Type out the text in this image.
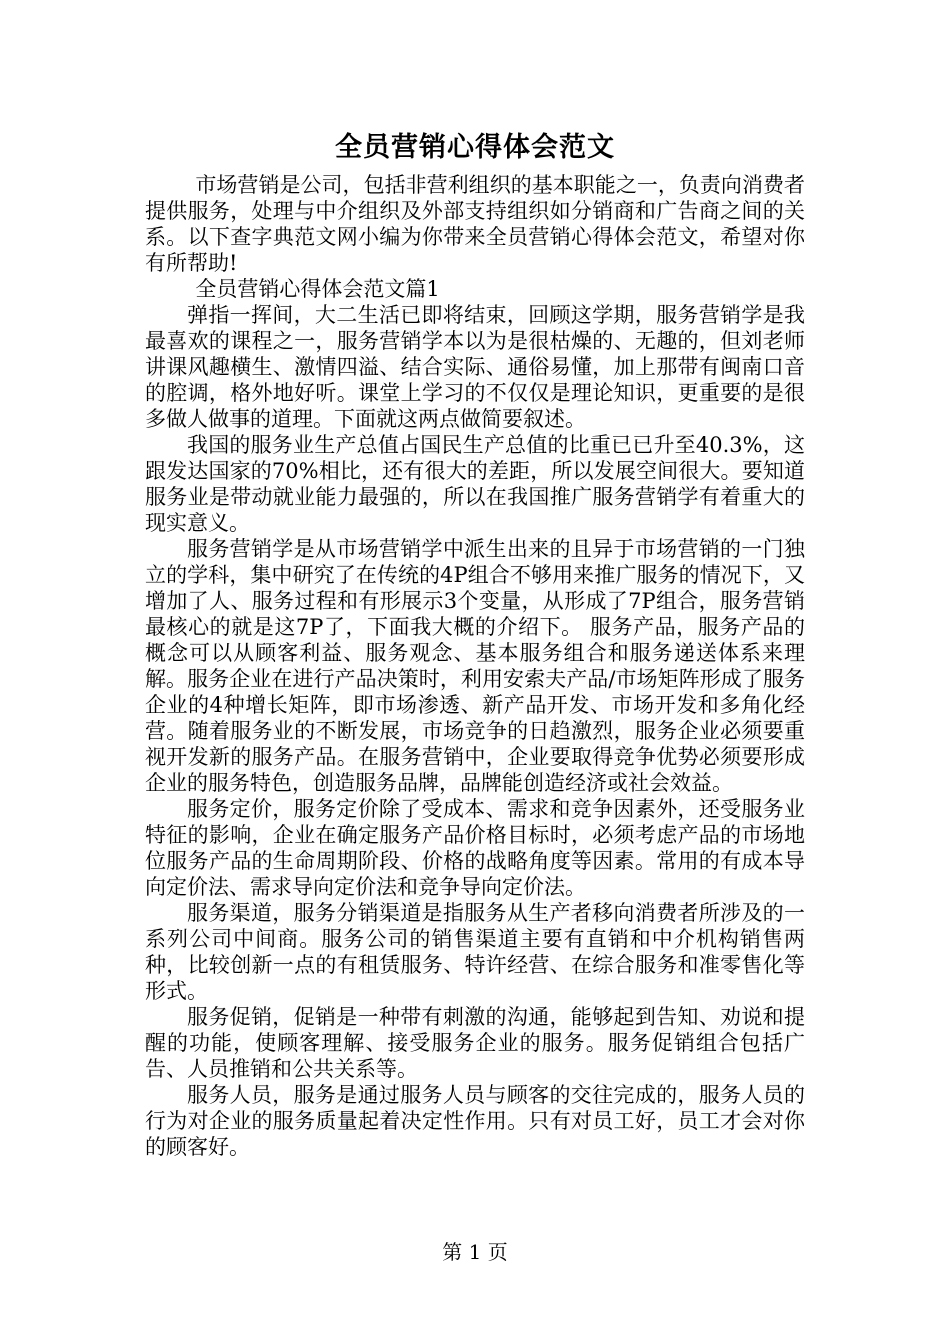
全员营销心得体会范文

市场营销是公司，包括非营利组织的基本职能之一，负责向消费者提供服务，处理与中介组织及外部支持组织如分销商和广告商之间的关系。以下查字典范文网小编为你带来全员营销心得体会范文，希望对你有所帮助!

全员营销心得体会范文篇1

弹指一挥间，大二生活已即将结束，回顾这学期，服务营销学是我最喜欢的课程之一，服务营销学本以为是很枯燥的、无趣的，但刘老师讲课风趣横生、激情四溢、结合实际、通俗易懂，加上那带有闽南口音的腔调，格外地好听。课堂上学习的不仅仅是理论知识，更重要的是很多做人做事的道理。下面就这两点做简要叙述。

我国的服务业生产总值占国民生产总值的比重已已升至40.3%，这跟发达国家的70%相比，还有很大的差距，所以发展空间很大。要知道服务业是带动就业能力最强的，所以在我国推广服务营销学有着重大的现实意义。

服务营销学是从市场营销学中派生出来的且异于市场营销的一门独立的学科，集中研究了在传统的4P组合不够用来推广服务的情况下，又增加了人、服务过程和有形展示3个变量，从形成了7P组合，服务营销最核心的就是这7P了，下面我大概的介绍下。 服务产品，服务产品的概念可以从顾客利益、服务观念、基本服务组合和服务递送体系来理解。服务企业在进行产品决策时，利用安索夫产品/市场矩阵形成了服务企业的4种增长矩阵，即市场渗透、新产品开发、市场开发和多角化经营。随着服务业的不断发展，市场竞争的日趋激烈，服务企业必须要重视开发新的服务产品。在服务营销中，企业要取得竞争优势必须要形成企业的服务特色，创造服务品牌，品牌能创造经济或社会效益。

服务定价，服务定价除了受成本、需求和竞争因素外，还受服务业特征的影响，企业在确定服务产品价格目标时，必须考虑产品的市场地位服务产品的生命周期阶段、价格的战略角度等因素。常用的有成本导向定价法、需求导向定价法和竞争导向定价法。

服务渠道，服务分销渠道是指服务从生产者移向消费者所涉及的一系列公司中间商。服务公司的销售渠道主要有直销和中介机构销售两种，比较创新一点的有租赁服务、特许经营、在综合服务和准零售化等形式。

服务促销，促销是一种带有刺激的沟通，能够起到告知、劝说和提醒的功能，使顾客理解、接受服务企业的服务。服务促销组合包括广告、人员推销和公共关系等。

服务人员，服务是通过服务人员与顾客的交往完成的，服务人员的行为对企业的服务质量起着决定性作用。只有对员工好，员工才会对你的顾客好。

第 1 页
